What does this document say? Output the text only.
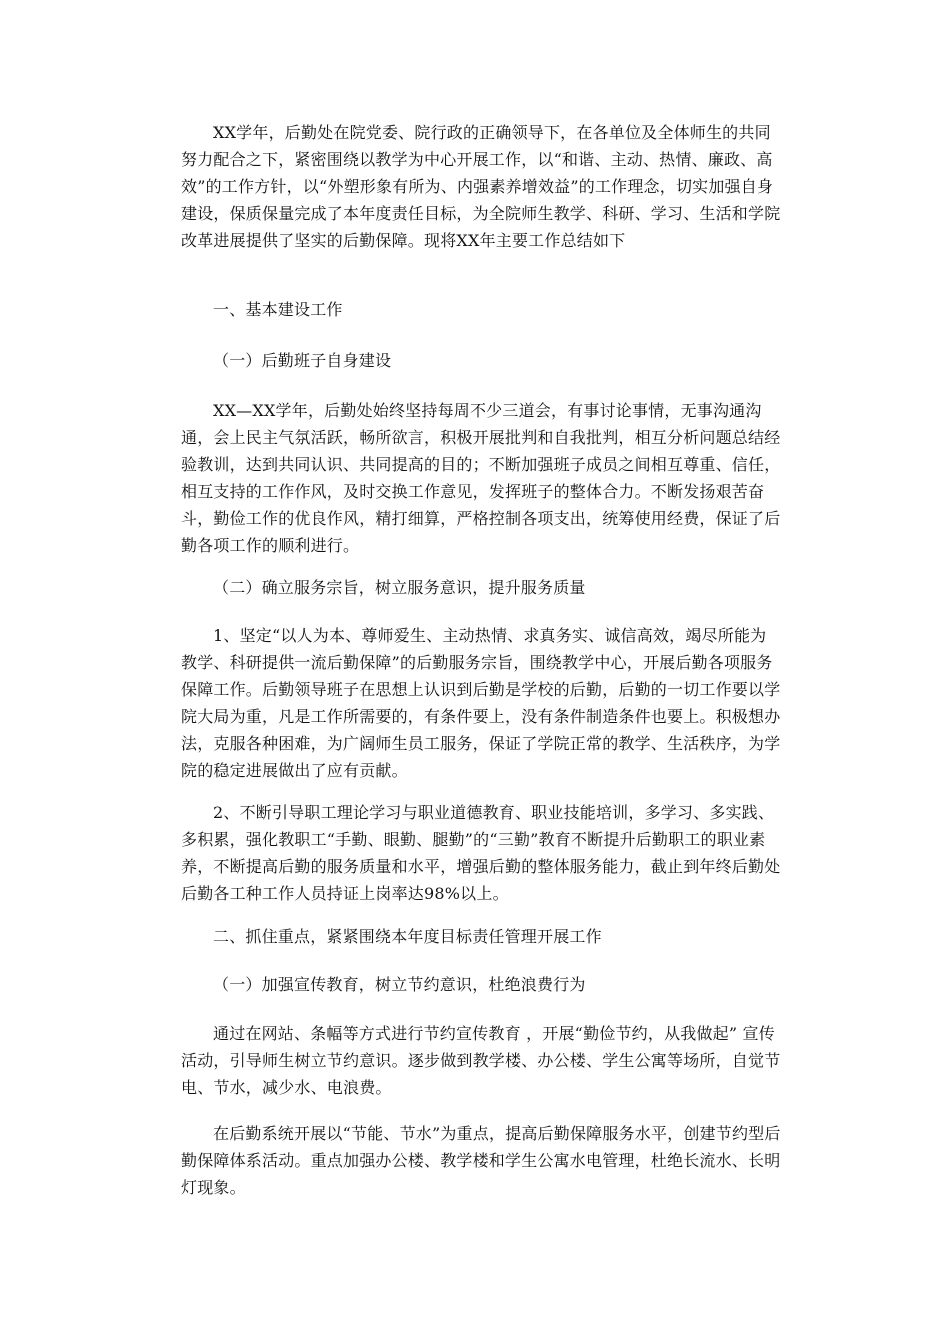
XX学年，后勤处在院党委、院行政的正确领导下，在各单位及全体师生的共同努力配合之下，紧密围绕以教学为中心开展工作，以“和谐、主动、热情、廉政、高效”的工作方针，以“外塑形象有所为、内强素养增效益”的工作理念，切实加强自身建设，保质保量完成了本年度责任目标，为全院师生教学、科研、学习、生活和学院改革进展提供了坚实的后勤保障。现将XX年主要工作总结如下
一、基本建设工作
（一）后勤班子自身建设
XX—XX学年，后勤处始终坚持每周不少三道会，有事讨论事情，无事沟通沟通，会上民主气氛活跃，畅所欲言，积极开展批判和自我批判，相互分析问题总结经验教训，达到共同认识、共同提高的目的；不断加强班子成员之间相互尊重、信任，相互支持的工作作风，及时交换工作意见，发挥班子的整体合力。不断发扬艰苦奋斗，勤俭工作的优良作风，精打细算，严格控制各项支出，统筹使用经费，保证了后勤各项工作的顺利进行。
（二）确立服务宗旨，树立服务意识，提升服务质量
1、坚定“以人为本、尊师爱生、主动热情、求真务实、诚信高效，竭尽所能为教学、科研提供一流后勤保障”的后勤服务宗旨，围绕教学中心，开展后勤各项服务保障工作。后勤领导班子在思想上认识到后勤是学校的后勤，后勤的一切工作要以学院大局为重，凡是工作所需要的，有条件要上，没有条件制造条件也要上。积极想办法，克服各种困难，为广阔师生员工服务，保证了学院正常的教学、生活秩序，为学院的稳定进展做出了应有贡献。
2、不断引导职工理论学习与职业道德教育、职业技能培训，多学习、多实践、多积累，强化教职工“手勤、眼勤、腿勤”的“三勤”教育不断提升后勤职工的职业素养，不断提高后勤的服务质量和水平，增强后勤的整体服务能力，截止到年终后勤处后勤各工种工作人员持证上岗率达98%以上。
二、抓住重点，紧紧围绕本年度目标责任管理开展工作
（一）加强宣传教育，树立节约意识，杜绝浪费行为
通过在网站、条幅等方式进行节约宣传教育 ，开展“勤俭节约，从我做起” 宣传活动，引导师生树立节约意识。逐步做到教学楼、办公楼、学生公寓等场所，自觉节电、节水，减少水、电浪费。
在后勤系统开展以“节能、节水”为重点，提高后勤保障服务水平，创建节约型后勤保障体系活动。重点加强办公楼、教学楼和学生公寓水电管理，杜绝长流水、长明灯现象。
